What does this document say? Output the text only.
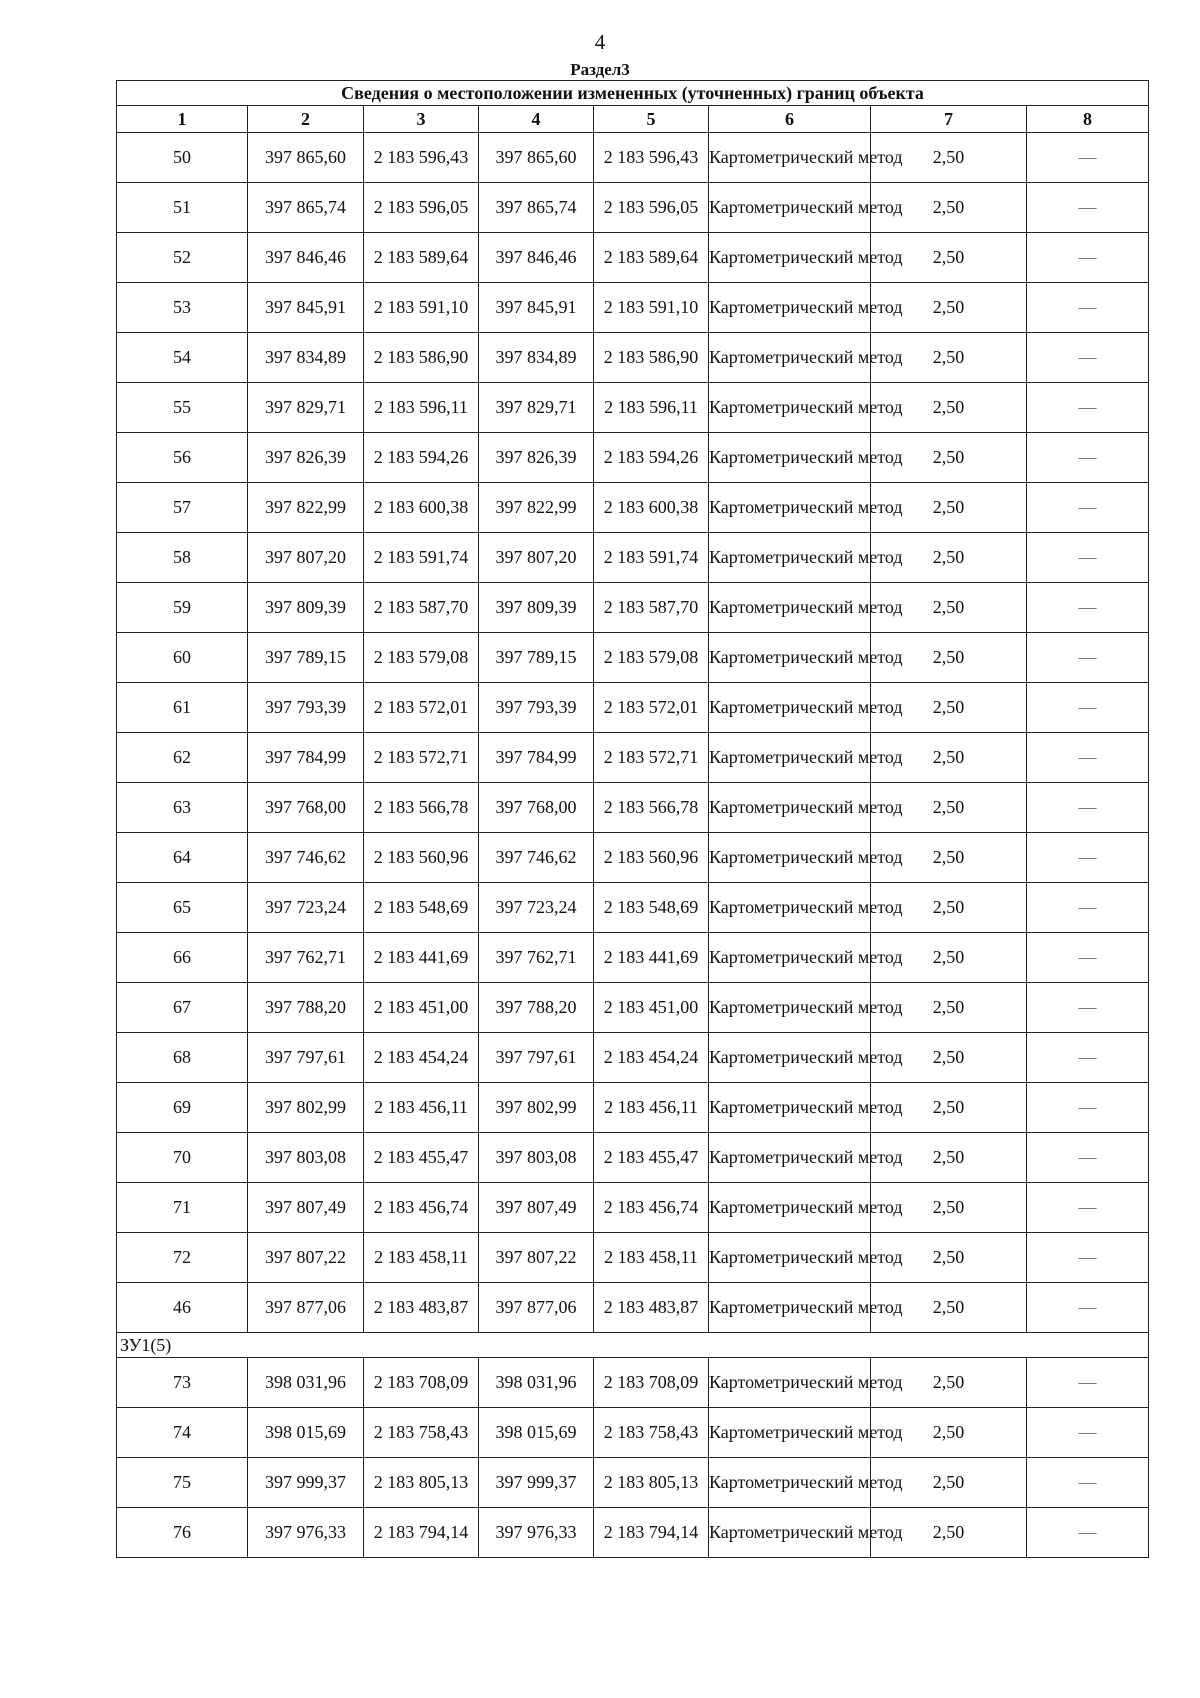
4
Раздел3
Сведения о местоположении измененных (уточненных) границ объекта							
1	2	3	4	5	6	7	8
50	397 865,60	2 183 596,43	397 865,60	2 183 596,43	Картометрический метод	2,50	—
51	397 865,74	2 183 596,05	397 865,74	2 183 596,05	Картометрический метод	2,50	—
52	397 846,46	2 183 589,64	397 846,46	2 183 589,64	Картометрический метод	2,50	—
53	397 845,91	2 183 591,10	397 845,91	2 183 591,10	Картометрический метод	2,50	—
54	397 834,89	2 183 586,90	397 834,89	2 183 586,90	Картометрический метод	2,50	—
55	397 829,71	2 183 596,11	397 829,71	2 183 596,11	Картометрический метод	2,50	—
56	397 826,39	2 183 594,26	397 826,39	2 183 594,26	Картометрический метод	2,50	—
57	397 822,99	2 183 600,38	397 822,99	2 183 600,38	Картометрический метод	2,50	—
58	397 807,20	2 183 591,74	397 807,20	2 183 591,74	Картометрический метод	2,50	—
59	397 809,39	2 183 587,70	397 809,39	2 183 587,70	Картометрический метод	2,50	—
60	397 789,15	2 183 579,08	397 789,15	2 183 579,08	Картометрический метод	2,50	—
61	397 793,39	2 183 572,01	397 793,39	2 183 572,01	Картометрический метод	2,50	—
62	397 784,99	2 183 572,71	397 784,99	2 183 572,71	Картометрический метод	2,50	—
63	397 768,00	2 183 566,78	397 768,00	2 183 566,78	Картометрический метод	2,50	—
64	397 746,62	2 183 560,96	397 746,62	2 183 560,96	Картометрический метод	2,50	—
65	397 723,24	2 183 548,69	397 723,24	2 183 548,69	Картометрический метод	2,50	—
66	397 762,71	2 183 441,69	397 762,71	2 183 441,69	Картометрический метод	2,50	—
67	397 788,20	2 183 451,00	397 788,20	2 183 451,00	Картометрический метод	2,50	—
68	397 797,61	2 183 454,24	397 797,61	2 183 454,24	Картометрический метод	2,50	—
69	397 802,99	2 183 456,11	397 802,99	2 183 456,11	Картометрический метод	2,50	—
70	397 803,08	2 183 455,47	397 803,08	2 183 455,47	Картометрический метод	2,50	—
71	397 807,49	2 183 456,74	397 807,49	2 183 456,74	Картометрический метод	2,50	—
72	397 807,22	2 183 458,11	397 807,22	2 183 458,11	Картометрический метод	2,50	—
46	397 877,06	2 183 483,87	397 877,06	2 183 483,87	Картометрический метод	2,50	—
ЗУ1(5)							
73	398 031,96	2 183 708,09	398 031,96	2 183 708,09	Картометрический метод	2,50	—
74	398 015,69	2 183 758,43	398 015,69	2 183 758,43	Картометрический метод	2,50	—
75	397 999,37	2 183 805,13	397 999,37	2 183 805,13	Картометрический метод	2,50	—
76	397 976,33	2 183 794,14	397 976,33	2 183 794,14	Картометрический метод	2,50	—
